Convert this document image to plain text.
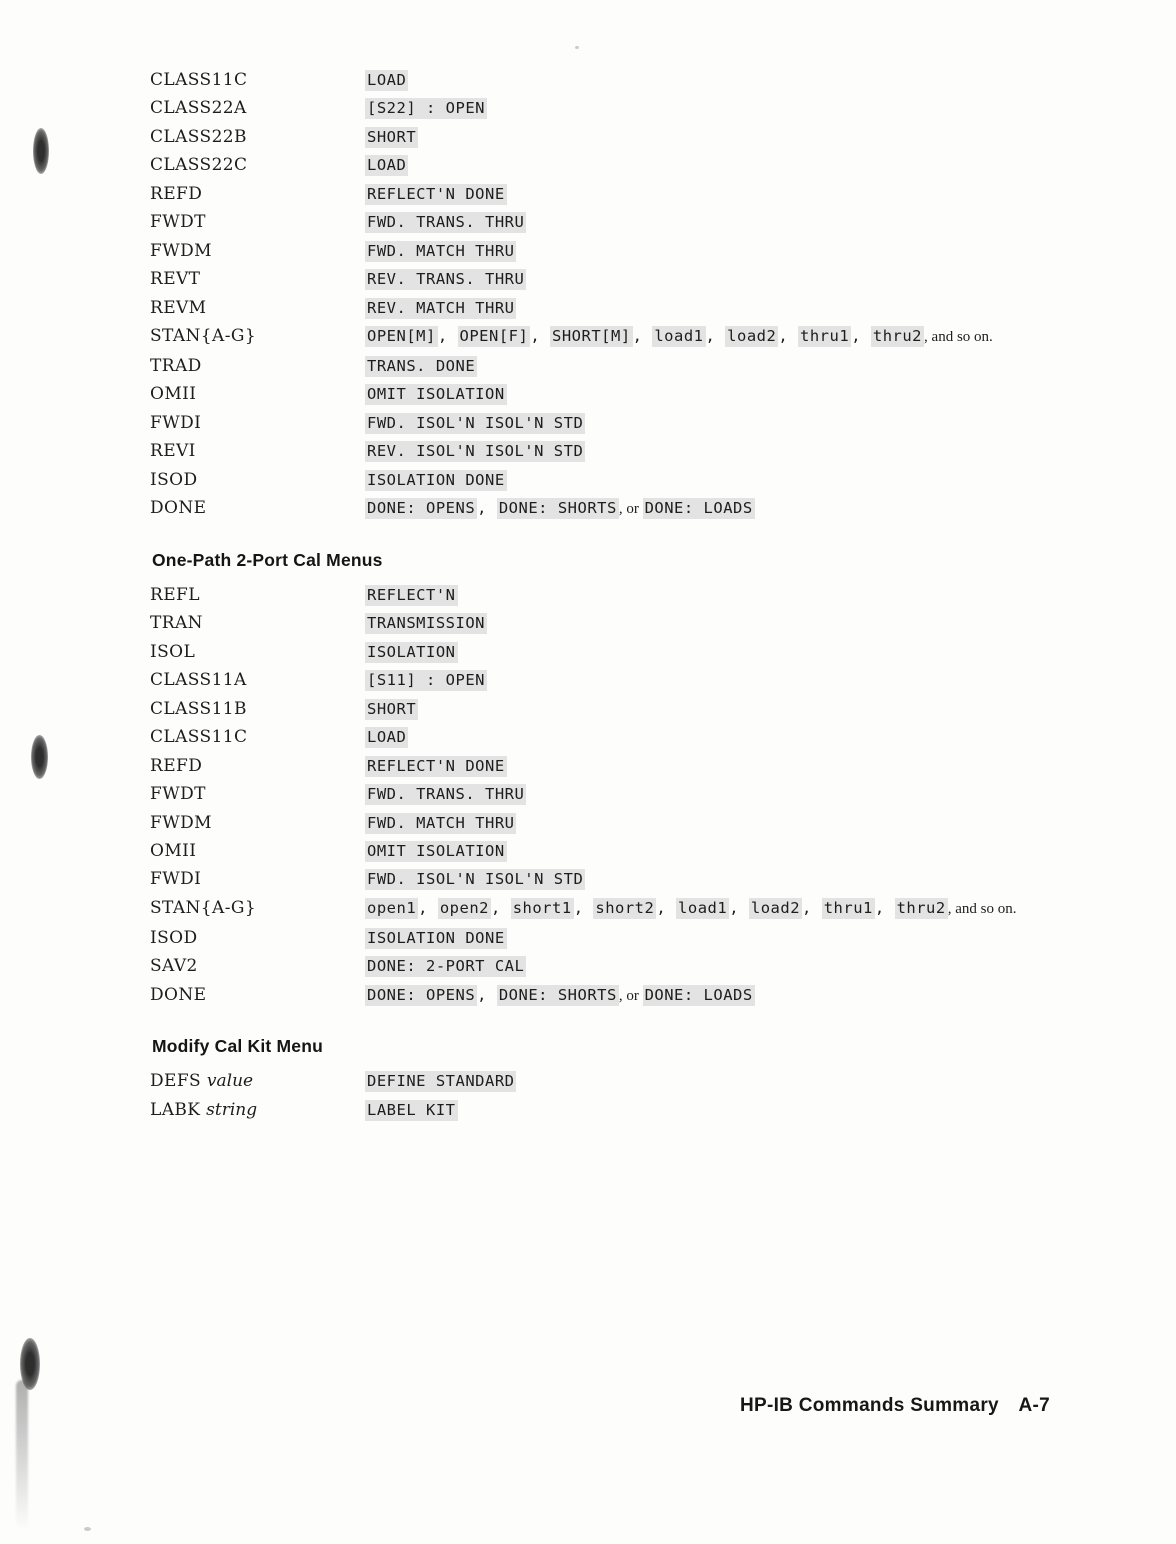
CLASS11C	LOAD
CLASS22A	[S22] : OPEN
CLASS22B	SHORT
CLASS22C	LOAD
REFD	REFLECT'N DONE
FWDT	FWD. TRANS. THRU
FWDM	FWD. MATCH THRU
REVT	REV. TRANS. THRU
REVM	REV. MATCH THRU
STAN{A-G}	OPEN[M] , OPEN[F] , SHORT[M] , load1 , load2 , thru1 , thru2 , and so on.
TRAD	TRANS. DONE
OMII	OMIT ISOLATION
FWDI	FWD. ISOL'N ISOL'N STD
REVI	REV. ISOL'N ISOL'N STD
ISOD	ISOLATION DONE
DONE	DONE: OPENS , DONE: SHORTS , or DONE: LOADS
One-Path 2-Port Cal Menus
REFL	REFLECT'N
TRAN	TRANSMISSION
ISOL	ISOLATION
CLASS11A	[S11] : OPEN
CLASS11B	SHORT
CLASS11C	LOAD
REFD	REFLECT'N DONE
FWDT	FWD. TRANS. THRU
FWDM	FWD. MATCH THRU
OMII	OMIT ISOLATION
FWDI	FWD. ISOL'N ISOL'N STD
STAN{A-G}	open1 , open2 , short1 , short2 , load1 , load2 , thru1 , thru2 , and so on.
ISOD	ISOLATION DONE
SAV2	DONE: 2-PORT CAL
DONE	DONE: OPENS , DONE: SHORTS , or DONE: LOADS
Modify Cal Kit Menu
DEFS value	DEFINE STANDARD
LABK string	LABEL KIT
HP-IB Commands Summary A-7
